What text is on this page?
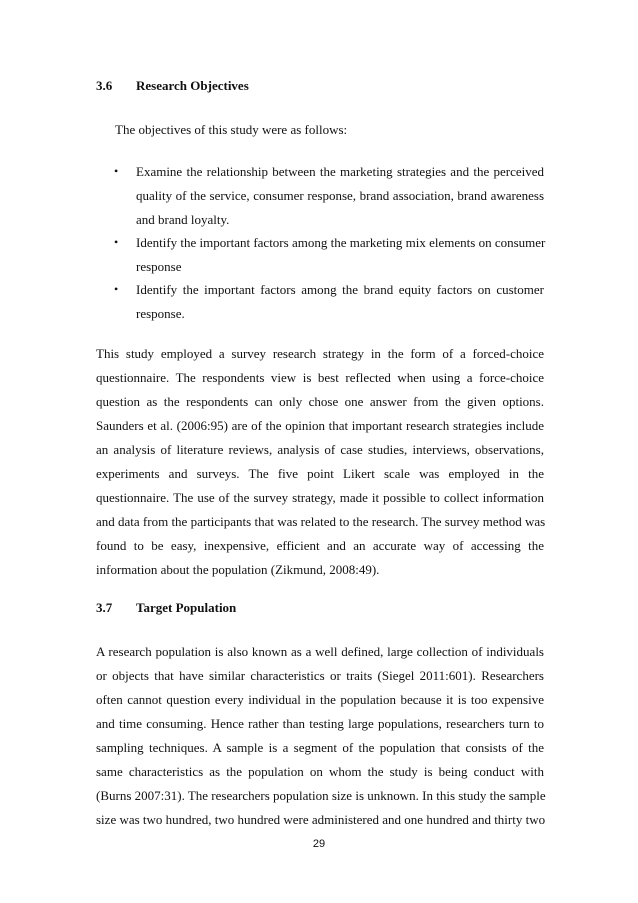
3.6 Research Objectives
The objectives of this study were as follows:
• Examine the relationship between the marketing strategies and the perceived
quality of the service, consumer response, brand association, brand awareness
and brand loyalty.
• Identify the important factors among the marketing mix elements on consumer
response
• Identify the important factors among the brand equity factors on customer
response.
This study employed a survey research strategy in the form of a forced-choice
questionnaire. The respondents view is best reflected when using a force-choice
question as the respondents can only chose one answer from the given options.
Saunders et al. (2006:95) are of the opinion that important research strategies include
an analysis of literature reviews, analysis of case studies, interviews, observations,
experiments and surveys. The five point Likert scale was employed in the
questionnaire. The use of the survey strategy, made it possible to collect information
and data from the participants that was related to the research. The survey method was
found to be easy, inexpensive, efficient and an accurate way of accessing the
information about the population (Zikmund, 2008:49).
3.7 Target Population
A research population is also known as a well defined, large collection of individuals
or objects that have similar characteristics or traits (Siegel 2011:601). Researchers
often cannot question every individual in the population because it is too expensive
and time consuming. Hence rather than testing large populations, researchers turn to
sampling techniques. A sample is a segment of the population that consists of the
same characteristics as the population on whom the study is being conduct with
(Burns 2007:31). The researchers population size is unknown. In this study the sample
size was two hundred, two hundred were administered and one hundred and thirty two
29
